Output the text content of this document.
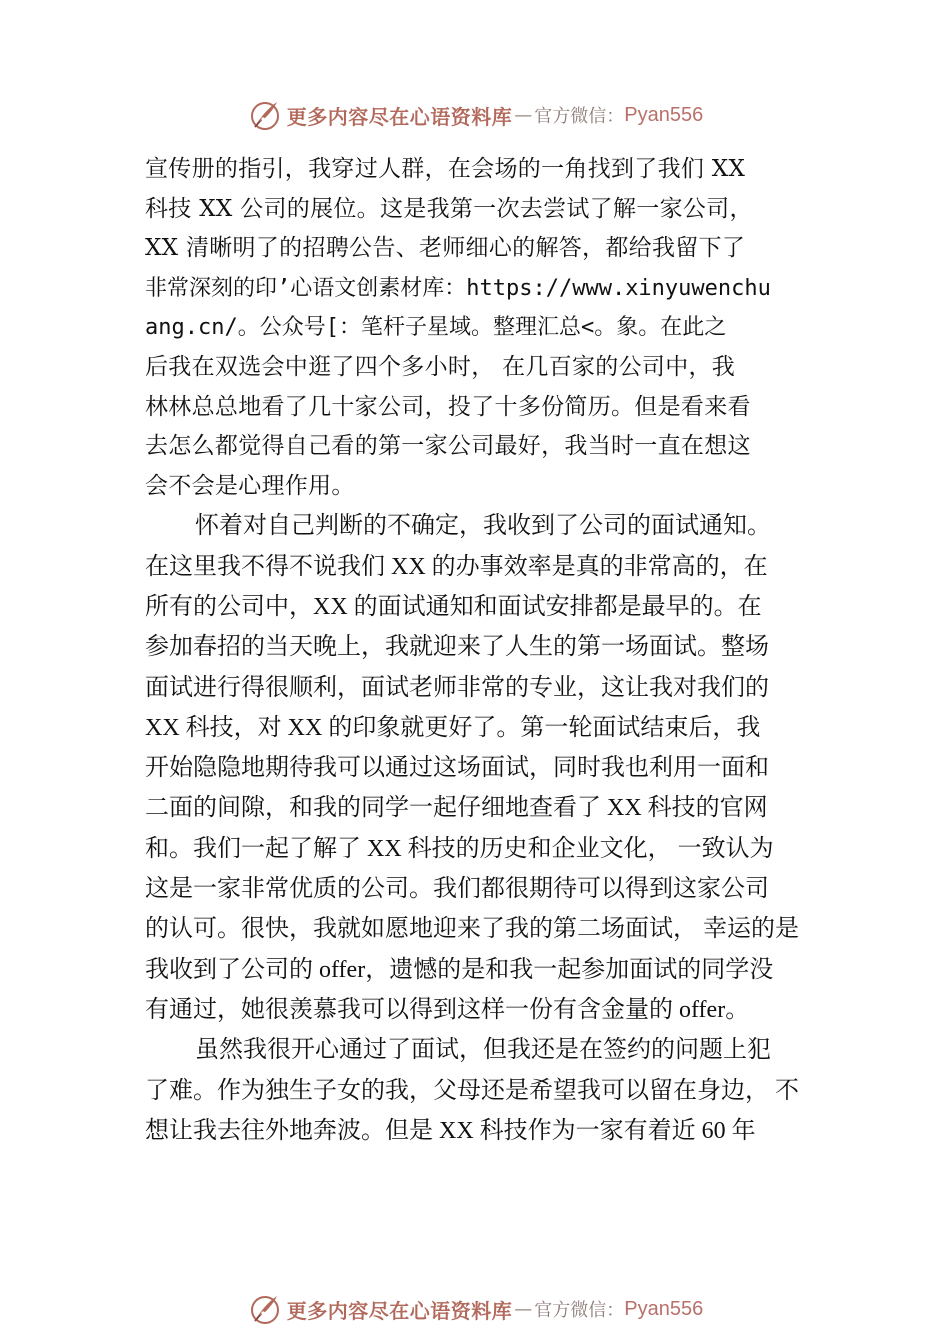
更多内容尽在心语资料库 — 官方微信： Pyan556
宣传册的指引，我穿过人群，在会场的一角找到了我们 XX
科技 XX 公司的展位。这是我第一次去尝试了解一家公司，
XX 清晰明了的招聘公告、老师细心的解答，都给我留下了
非常深刻的印’心语文创素材库：https://www.xinyuwenchu
ang.cn/。公众号[：笔杆子星域。整理汇总<。象。在此之
后我在双选会中逛了四个多小时， 在几百家的公司中，我
林林总总地看了几十家公司，投了十多份简历。但是看来看
去怎么都觉得自己看的第一家公司最好，我当时一直在想这
会不会是心理作用。
怀着对自己判断的不确定，我收到了公司的面试通知。
在这里我不得不说我们 XX 的办事效率是真的非常高的，在
所有的公司中，XX 的面试通知和面试安排都是最早的。在
参加春招的当天晚上，我就迎来了人生的第一场面试。整场
面试进行得很顺利，面试老师非常的专业，这让我对我们的
XX 科技，对 XX 的印象就更好了。第一轮面试结束后，我
开始隐隐地期待我可以通过这场面试，同时我也利用一面和
二面的间隙，和我的同学一起仔细地查看了 XX 科技的官网
和。我们一起了解了 XX 科技的历史和企业文化， 一致认为
这是一家非常优质的公司。我们都很期待可以得到这家公司
的认可。很快，我就如愿地迎来了我的第二场面试， 幸运的是
我收到了公司的 offer，遗憾的是和我一起参加面试的同学没
有通过，她很羡慕我可以得到这样一份有含金量的 offer。
虽然我很开心通过了面试，但我还是在签约的问题上犯
了难。作为独生子女的我，父母还是希望我可以留在身边， 不
想让我去往外地奔波。但是 XX 科技作为一家有着近 60 年
更多内容尽在心语资料库 — 官方微信： Pyan556
